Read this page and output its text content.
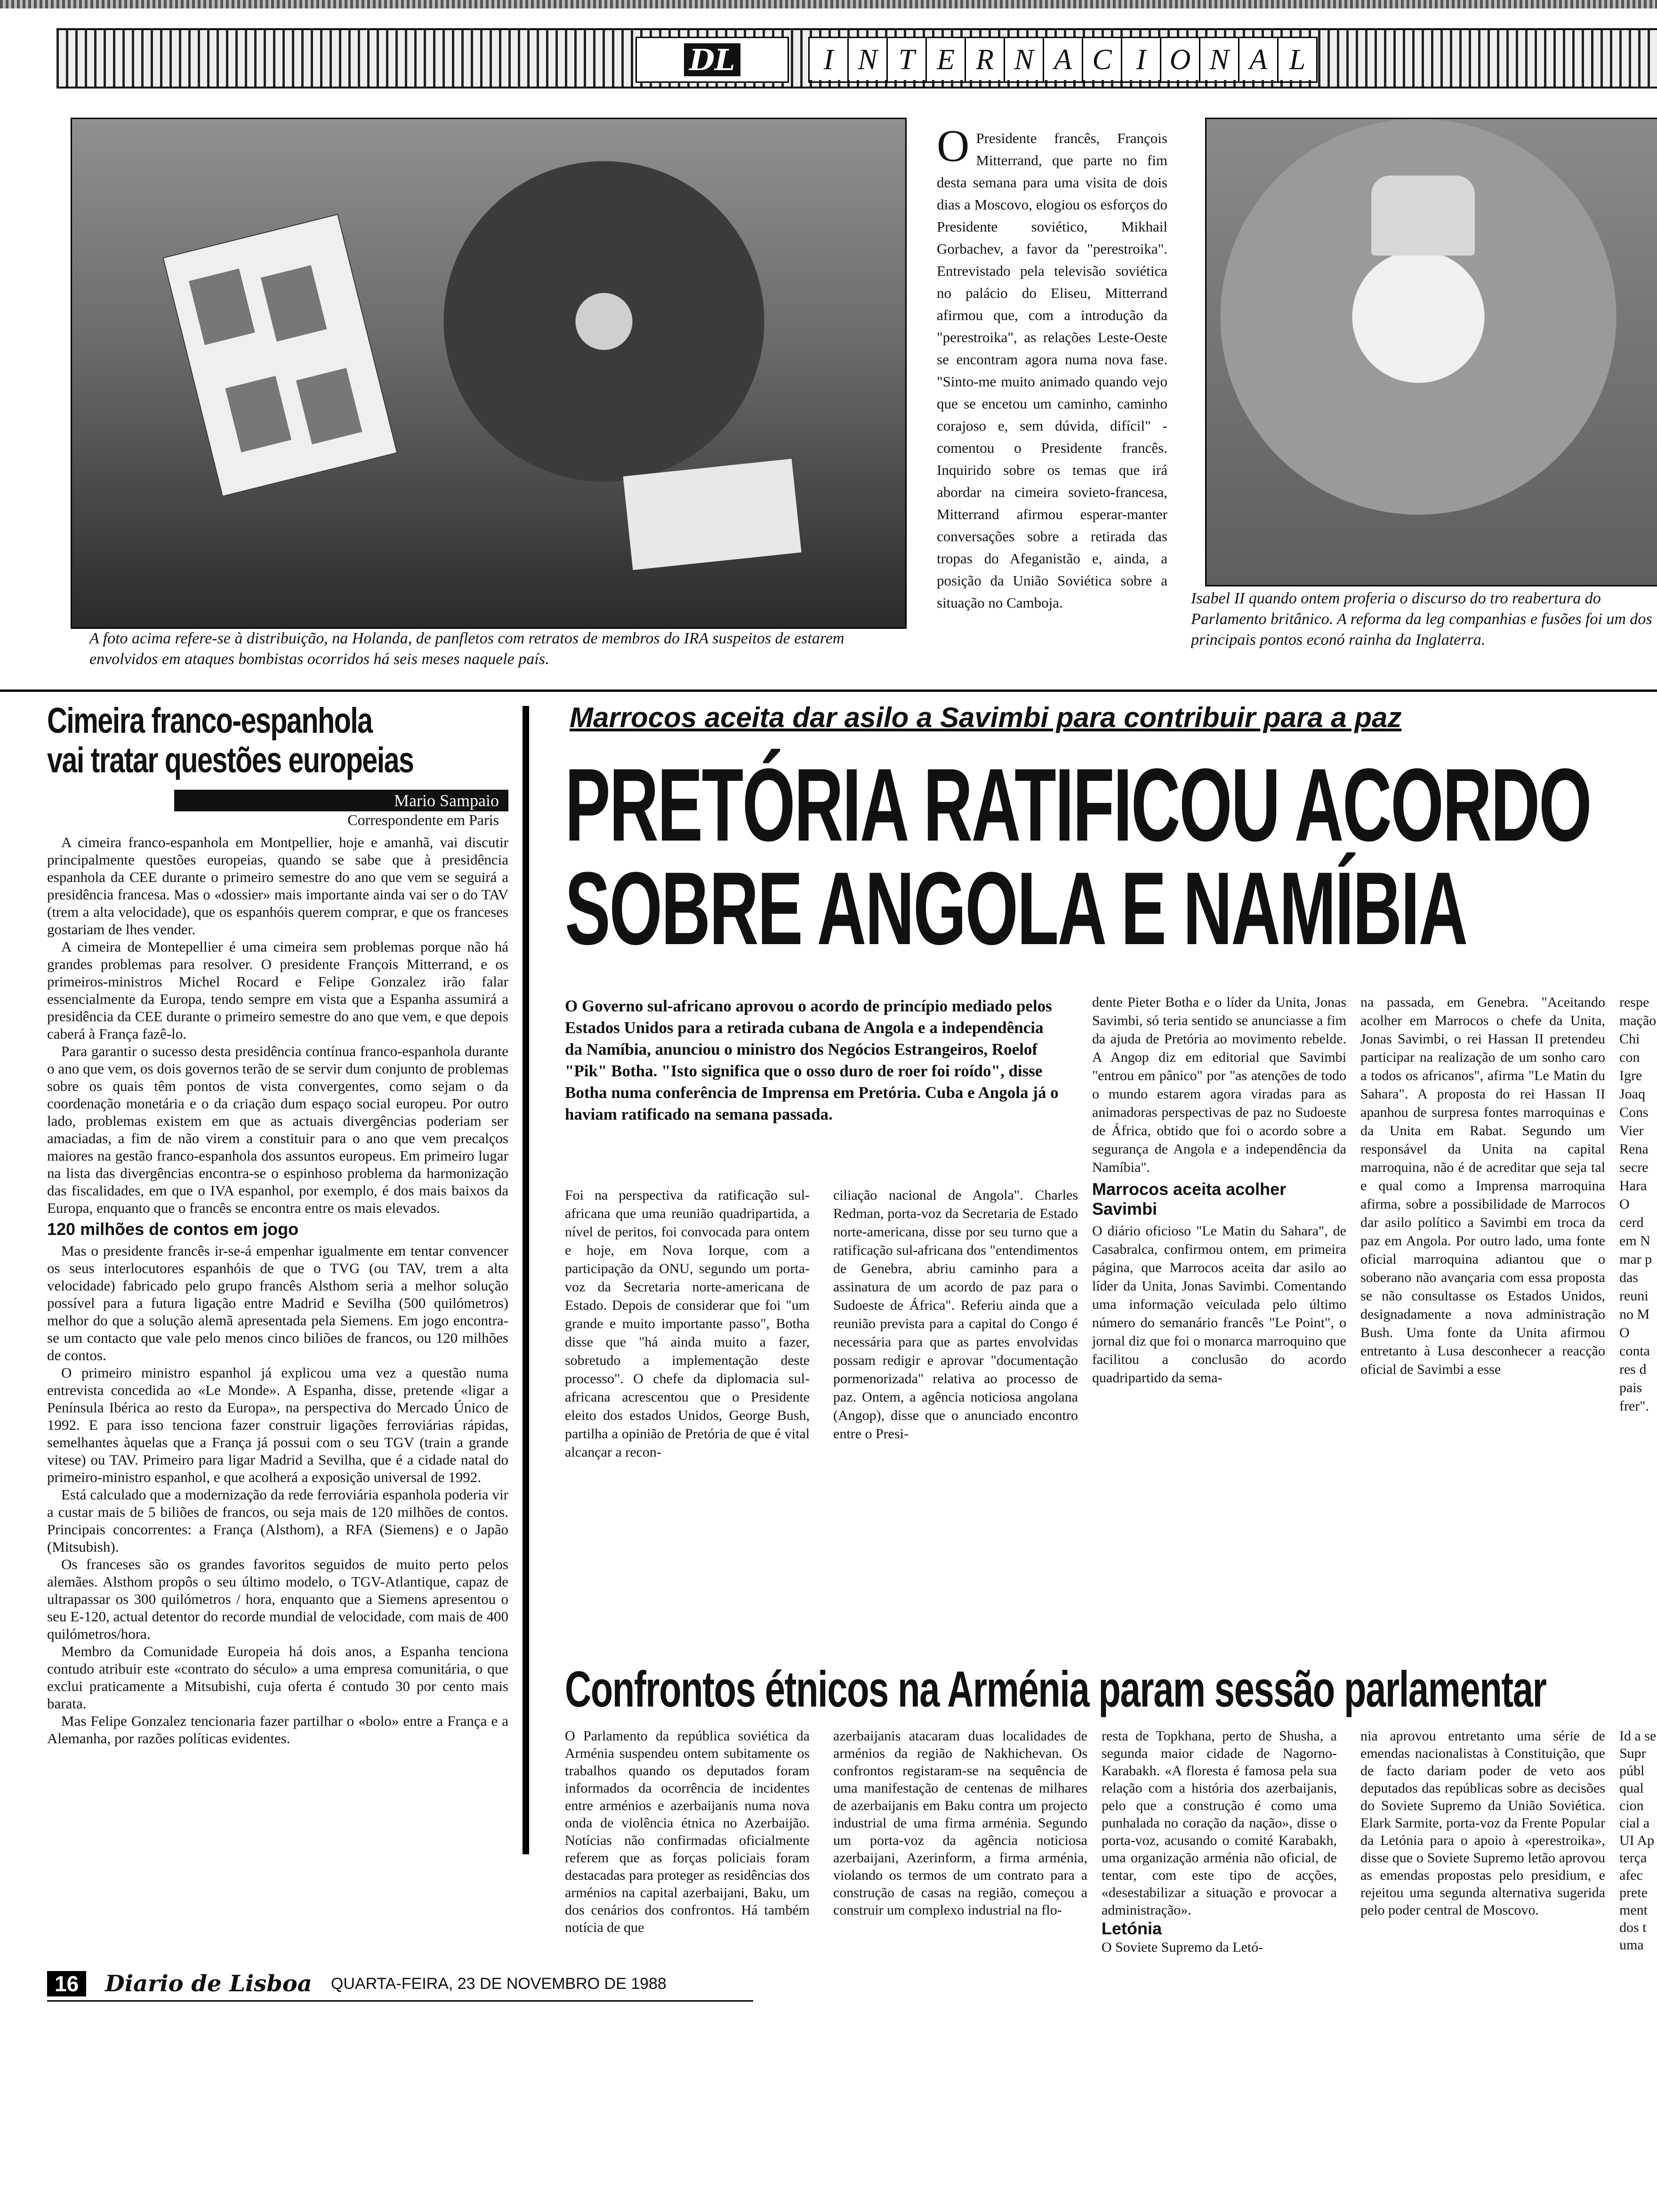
DL	I N T E R N A C I O N A L
A foto acima refere-se à distribuição, na Holanda, de panfletos com retratos de membros do IRA suspeitos de estarem envolvidos em ataques bombistas ocorridos há seis meses naquele país.
O Presidente francês, François Mitterrand, que parte no fim desta semana para uma visita de dois dias a Moscovo, elogiou os esforços do Presidente soviético, Mikhail Gorbachev, a favor da "perestroika". Entrevistado pela televisão soviética no palácio do Eliseu, Mitterrand afirmou que, com a introdução da "perestroika", as relações Leste-Oeste se encontram agora numa nova fase. "Sinto-me muito animado quando vejo que se encetou um caminho, caminho corajoso e, sem dúvida, difícil" - comentou o Presidente francês. Inquirido sobre os temas que irá abordar na cimeira sovieto-francesa, Mitterrand afirmou esperar-manter conversações sobre a retirada das tropas do Afeganistão e, ainda, a posição da União Soviética sobre a situação no Camboja.	Isabel II quando ontem proferia o discurso do tro reabertura do Parlamento britânico. A reforma da leg companhias e fusões foi um dos principais pontos econó rainha da Inglaterra.
Cimeira franco-espanhola
vai tratar questões europeias
Mario Sampaio
Correspondente em Paris

A cimeira franco-espanhola em Montpellier, hoje e amanhã, vai discutir principalmente questões europeias, quando se sabe que à presidência espanhola da CEE durante o primeiro semestre do ano que vem se seguirá a presidência francesa. Mas o «dossier» mais importante ainda vai ser o do TAV (trem a alta velocidade), que os espanhóis querem comprar, e que os franceses gostariam de lhes vender.

A cimeira de Montepellier é uma cimeira sem problemas porque não há grandes problemas para resolver. O presidente François Mitterrand, e os primeiros-ministros Michel Rocard e Felipe Gonzalez irão falar essencialmente da Europa, tendo sempre em vista que a Espanha assumirá a presidência da CEE durante o primeiro semestre do ano que vem, e que depois caberá à França fazê-lo.

Para garantir o sucesso desta presidência contínua franco-espanhola durante o ano que vem, os dois governos terão de se servir dum conjunto de problemas sobre os quais têm pontos de vista convergentes, como sejam o da coordenação monetária e o da criação dum espaço social europeu. Por outro lado, problemas existem em que as actuais divergências poderiam ser amaciadas, a fim de não virem a constituir para o ano que vem precalços maiores na gestão franco-espanhola dos assuntos europeus. Em primeiro lugar na lista das divergências encontra-se o espinhoso problema da harmonização das fiscalidades, em que o IVA espanhol, por exemplo, é dos mais baixos da Europa, enquanto que o francês se encontra entre os mais elevados.

120 milhões de contos em jogo

Mas o presidente francês ir-se-á empenhar igualmente em tentar convencer os seus interlocutores espanhóis de que o TVG (ou TAV, trem a alta velocidade) fabricado pelo grupo francês Alsthom seria a melhor solução possível para a futura ligação entre Madrid e Sevilha (500 quilómetros) melhor do que a solução alemã apresentada pela Siemens. Em jogo encontra-se um contacto que vale pelo menos cinco biliões de francos, ou 120 milhões de contos.

O primeiro ministro espanhol já explicou uma vez a questão numa entrevista concedida ao «Le Monde». A Espanha, disse, pretende «ligar a Península Ibérica ao resto da Europa», na perspectiva do Mercado Único de 1992. E para isso tenciona fazer construir ligações ferroviárias rápidas, semelhantes àquelas que a França já possui com o seu TGV (train a grande vitese) ou TAV. Primeiro para ligar Madrid a Sevilha, que é a cidade natal do primeiro-ministro espanhol, e que acolherá a exposição universal de 1992.

Está calculado que a modernização da rede ferroviária espanhola poderia vir a custar mais de 5 biliões de francos, ou seja mais de 120 milhões de contos. Principais concorrentes: a França (Alsthom), a RFA (Siemens) e o Japão (Mitsubish).

Os franceses são os grandes favoritos seguidos de muito perto pelos alemães. Alsthom propôs o seu último modelo, o TGV-Atlantique, capaz de ultrapassar os 300 quilómetros / hora, enquanto que a Siemens apresentou o seu E-120, actual detentor do recorde mundial de velocidade, com mais de 400 quilómetros/hora.

Membro da Comunidade Europeia há dois anos, a Espanha tenciona contudo atribuir este «contrato do século» a uma empresa comunitária, o que exclui praticamente a Mitsubishi, cuja oferta é contudo 30 por cento mais barata.

Mas Felipe Gonzalez tencionaria fazer partilhar o «bolo» entre a França e a Alemanha, por razões políticas evidentes.

Marrocos aceita dar asilo a Savimbi para contribuir para a paz
PRETÓRIA RATIFICOU ACORDO
SOBRE ANGOLA E NAMÍBIA
O Governo sul-africano aprovou o acordo de princípio mediado pelos Estados Unidos para a retirada cubana de Angola e a independência da Namíbia, anunciou o ministro dos Negócios Estrangeiros, Roelof "Pik" Botha. "Isto significa que o osso duro de roer foi roído", disse Botha numa conferência de Imprensa em Pretória. Cuba e Angola já o haviam ratificado na semana passada.
Foi na perspectiva da ratificação sul-africana que uma reunião quadripartida, a nível de peritos, foi convocada para ontem e hoje, em Nova Iorque, com a participação da ONU, segundo um porta-voz da Secretaria norte-americana de Estado. Depois de considerar que foi "um grande e muito importante passo", Botha disse que "há ainda muito a fazer, sobretudo a implementação deste processo". O chefe da diplomacia sul-africana acrescentou que o Presidente eleito dos estados Unidos, George Bush, partilha a opinião de Pretória de que é vital alcançar a recon-
ciliação nacional de Angola". Charles Redman, porta-voz da Secretaria de Estado norte-americana, disse por seu turno que a ratificação sul-africana dos "entendimentos de Genebra, abriu caminho para a assinatura de um acordo de paz para o Sudoeste de África". Referiu ainda que a reunião prevista para a capital do Congo é necessária para que as partes envolvidas possam redigir e aprovar "documentação pormenorizada" relativa ao processo de paz. Ontem, a agência noticiosa angolana (Angop), disse que o anunciado encontro entre o Presi-
dente Pieter Botha e o líder da Unita, Jonas Savimbi, só teria sentido se anunciasse a fim da ajuda de Pretória ao movimento rebelde. A Angop diz em editorial que Savimbi "entrou em pânico" por "as atenções de todo o mundo estarem agora viradas para as animadoras perspectivas de paz no Sudoeste de África, obtido que foi o acordo sobre a segurança de Angola e a independência da Namíbia".
Marrocos aceita acolher Savimbi
O diário oficioso "Le Matin du Sahara", de Casabralca, confirmou ontem, em primeira página, que Marrocos aceita dar asilo ao líder da Unita, Jonas Savimbi. Comentando uma informação veiculada pelo último número do semanário francês "Le Point", o jornal diz que foi o monarca marroquino que facilitou a conclusão do acordo quadripartido da sema-
na passada, em Genebra. "Aceitando acolher em Marrocos o chefe da Unita, Jonas Savimbi, o rei Hassan II pretendeu participar na realização de um sonho caro a todos os africanos", afirma "Le Matin du Sahara". A proposta do rei Hassan II apanhou de surpresa fontes marroquinas e da Unita em Rabat. Segundo um responsável da Unita na capital marroquina, não é de acreditar que seja tal e qual como a Imprensa marroquina afirma, sobre a possibilidade de Marrocos dar asilo político a Savimbi em troca da paz em Angola. Por outro lado, uma fonte oficial marroquina adiantou que o soberano não avançaria com essa proposta se não consultasse os Estados Unidos, designadamente a nova administração Bush. Uma fonte da Unita afirmou entretanto à Lusa desconhecer a reacção oficial de Savimbi a esse
respe mação Chi con Igre Joaq Cons Vier Rena secre Hara O cerd em N mar p das reuni no M O conta res d pais frer".
Confrontos étnicos na Arménia param sessão parlamentar
O Parlamento da república soviética da Arménia suspendeu ontem subitamente os trabalhos quando os deputados foram informados da ocorrência de incidentes entre arménios e azerbaijanis numa nova onda de violência étnica no Azerbaijão. Notícias não confirmadas oficialmente referem que as forças policiais foram destacadas para proteger as residências dos arménios na capital azerbaijani, Baku, um dos cenários dos confrontos. Há também notícia de que
azerbaijanis atacaram duas localidades de arménios da região de Nakhichevan. Os confrontos registaram-se na sequência de uma manifestação de centenas de milhares de azerbaijanis em Baku contra um projecto industrial de uma firma arménia. Segundo um porta-voz da agência noticiosa azerbaijani, Azerinform, a firma arménia, violando os termos de um contrato para a construção de casas na região, começou a construir um complexo industrial na flo-
resta de Topkhana, perto de Shusha, a segunda maior cidade de Nagorno-Karabakh. «A floresta é famosa pela sua relação com a história dos azerbaijanis, pelo que a construção é como uma punhalada no coração da nação», disse o porta-voz, acusando o comité Karabakh, uma organização arménia não oficial, de tentar, com este tipo de acções, «desestabilizar a situação e provocar a administração».
Letónia
O Soviete Supremo da Letó-
nia aprovou entretanto uma série de emendas nacionalistas à Constituição, que de facto dariam poder de veto aos deputados das repúblicas sobre as decisões do Soviete Supremo da União Soviética. Elark Sarmite, porta-voz da Frente Popular da Letónia para o apoio à «perestroika», disse que o Soviete Supremo letão aprovou as emendas propostas pelo presidium, e rejeitou uma segunda alternativa sugerida pelo poder central de Moscovo.
Id a se Supr públ qual cion cial a UI Ap terça afec prete ment dos t uma
16	Diario de Lisboa QUARTA-FEIRA, 23 DE NOVEMBRO DE 1988
